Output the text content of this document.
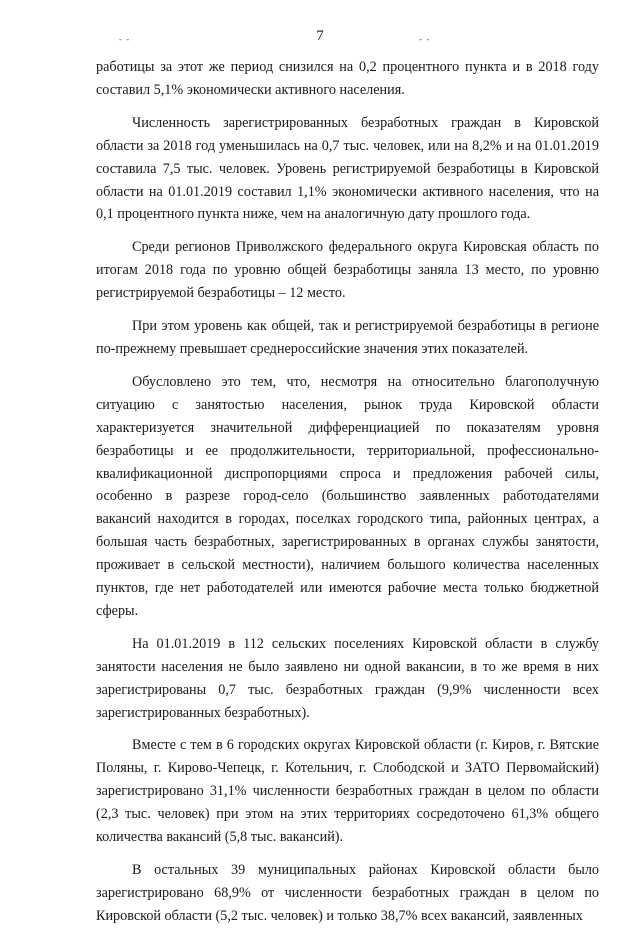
‐ ‐	7	‐ ‐

работицы за этот же период снизился на 0,2 процентного пункта и в 2018 году составил 5,1% экономически активного населения.

Численность зарегистрированных безработных граждан в Кировской области за 2018 год уменьшилась на 0,7 тыс. человек, или на 8,2% и на 01.01.2019 составила 7,5 тыс. человек. Уровень регистрируемой безработицы в Кировской области на 01.01.2019 составил 1,1% экономически активного населения, что на 0,1 процентного пункта ниже, чем на аналогичную дату прошлого года.

Среди регионов Приволжского федерального округа Кировская область по итогам 2018 года по уровню общей безработицы заняла 13 место, по уровню регистрируемой безработицы – 12 место.

При этом уровень как общей, так и регистрируемой безработицы в регионе по-прежнему превышает среднероссийские значения этих показателей.

Обусловлено это тем, что, несмотря на относительно благополучную ситуацию с занятостью населения, рынок труда Кировской области характеризуется значительной дифференциацией по показателям уровня безработицы и ее продолжительности, территориальной, профессионально-квалификационной диспропорциями спроса и предложения рабочей силы, особенно в разрезе город-село (большинство заявленных работодателями вакансий находится в городах, поселках городского типа, районных центрах, а большая часть безработных, зарегистрированных в органах службы занятости, проживает в сельской местности), наличием большого количества населенных пунктов, где нет работодателей или имеются рабочие места только бюджетной сферы.

На 01.01.2019 в 112 сельских поселениях Кировской области в службу занятости населения не было заявлено ни одной вакансии, в то же время в них зарегистрированы 0,7 тыс. безработных граждан (9,9% численности всех зарегистрированных безработных).

Вместе с тем в 6 городских округах Кировской области (г. Киров, г. Вятские Поляны, г. Кирово-Чепецк, г. Котельнич, г. Слободской и ЗАТО Первомайский) зарегистрировано 31,1% численности безработных граждан в целом по области (2,3 тыс. человек) при этом на этих территориях сосредоточено 61,3% общего количества вакансий (5,8 тыс. вакансий).

В остальных 39 муниципальных районах Кировской области было зарегистрировано 68,9% от численности безработных граждан в целом по Кировской области (5,2 тыс. человек) и только 38,7% всех вакансий, заявленных
